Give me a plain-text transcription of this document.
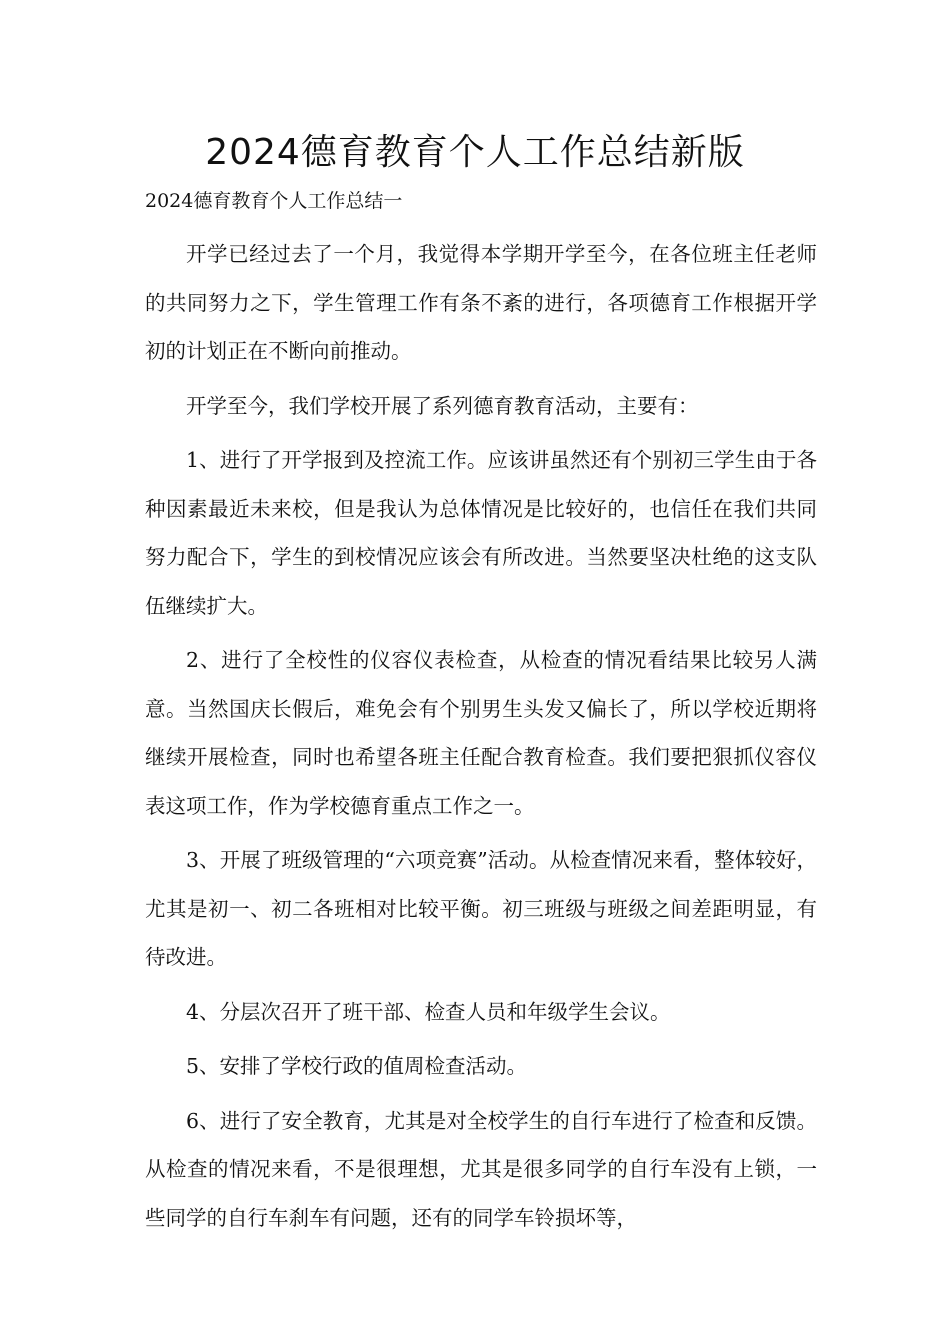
2024德育教育个人工作总结新版

2024德育教育个人工作总结一

开学已经过去了一个月，我觉得本学期开学至今，在各位班主任老师的共同努力之下，学生管理工作有条不紊的进行，各项德育工作根据开学初的计划正在不断向前推动。

开学至今，我们学校开展了系列德育教育活动，主要有：

1、进行了开学报到及控流工作。应该讲虽然还有个别初三学生由于各种因素最近未来校，但是我认为总体情况是比较好的，也信任在我们共同努力配合下，学生的到校情况应该会有所改进。当然要坚决杜绝的这支队伍继续扩大。

2、进行了全校性的仪容仪表检查，从检查的情况看结果比较另人满意。当然国庆长假后，难免会有个别男生头发又偏长了，所以学校近期将继续开展检查，同时也希望各班主任配合教育检查。我们要把狠抓仪容仪表这项工作，作为学校德育重点工作之一。

3、开展了班级管理的“六项竞赛”活动。从检查情况来看，整体较好，尤其是初一、初二各班相对比较平衡。初三班级与班级之间差距明显，有待改进。

4、分层次召开了班干部、检查人员和年级学生会议。

5、安排了学校行政的值周检查活动。

6、进行了安全教育，尤其是对全校学生的自行车进行了检查和反馈。从检查的情况来看，不是很理想，尤其是很多同学的自行车没有上锁，一些同学的自行车刹车有问题，还有的同学车铃损坏等，
